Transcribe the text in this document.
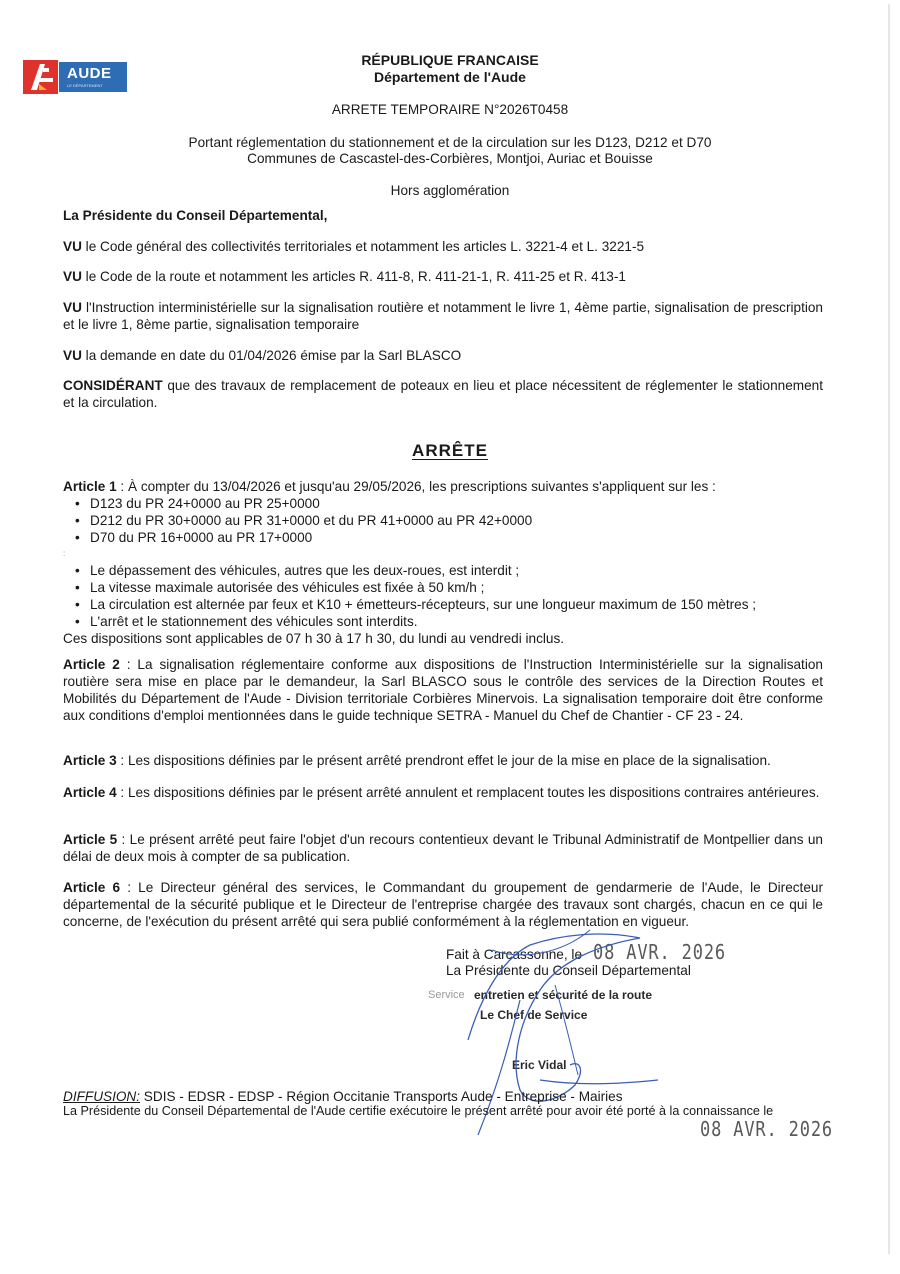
AUDE
LE DÉPARTEMENT
RÉPUBLIQUE FRANCAISE
Département de l'Aude
ARRETE TEMPORAIRE N°2026T0458
Portant réglementation du stationnement et de la circulation sur les D123, D212 et D70
Communes de Cascastel-des-Corbières, Montjoi, Auriac et Bouisse
Hors agglomération
La Présidente du Conseil Départemental,
VU le Code général des collectivités territoriales et notamment les articles L. 3221-4 et L. 3221-5
VU le Code de la route et notamment les articles R. 411-8, R. 411-21-1, R. 411-25 et R. 413-1
VU l'Instruction interministérielle sur la signalisation routière et notamment le livre 1, 4ème partie, signalisation de prescription et le livre 1, 8ème partie, signalisation temporaire
VU la demande en date du 01/04/2026 émise par la Sarl BLASCO
CONSIDÉRANT que des travaux de remplacement de poteaux en lieu et place nécessitent de réglementer le stationnement et la circulation.
ARRÊTE
Article 1 : À compter du 13/04/2026 et jusqu'au 29/05/2026, les prescriptions suivantes s'appliquent sur les :
• D123 du PR 24+0000 au PR 25+0000
• D212 du PR 30+0000 au PR 31+0000 et du PR 41+0000 au PR 42+0000
• D70 du PR 16+0000 au PR 17+0000
:
• Le dépassement des véhicules, autres que les deux-roues, est interdit ;
• La vitesse maximale autorisée des véhicules est fixée à 50 km/h ;
• La circulation est alternée par feux et K10 + émetteurs-récepteurs, sur une longueur maximum de 150 mètres ;
• L'arrêt et le stationnement des véhicules sont interdits.
Ces dispositions sont applicables de 07 h 30 à 17 h 30, du lundi au vendredi inclus.
Article 2 : La signalisation réglementaire conforme aux dispositions de l'Instruction Interministérielle sur la signalisation routière sera mise en place par le demandeur, la Sarl BLASCO sous le contrôle des services de la Direction Routes et Mobilités du Département de l'Aude - Division territoriale Corbières Minervois. La signalisation temporaire doit être conforme aux conditions d'emploi mentionnées dans le guide technique SETRA - Manuel du Chef de Chantier - CF 23 - 24.
Article 3 : Les dispositions définies par le présent arrêté prendront effet le jour de la mise en place de la signalisation.
Article 4 : Les dispositions définies par le présent arrêté annulent et remplacent toutes les dispositions contraires antérieures.
Article 5 : Le présent arrêté peut faire l'objet d'un recours contentieux devant le Tribunal Administratif de Montpellier dans un délai de deux mois à compter de sa publication.
Article 6 : Le Directeur général des services, le Commandant du groupement de gendarmerie de l'Aude, le Directeur départemental de la sécurité publique et le Directeur de l'entreprise chargée des travaux sont chargés, chacun en ce qui le concerne, de l'exécution du présent arrêté qui sera publié conformément à la réglementation en vigueur.
Fait à Carcassonne, le 08 AVR. 2026
La Présidente du Conseil Départemental
Service entretien et sécurité de la route
Le Chef de Service
Eric Vidal
DIFFUSION: SDIS - EDSR - EDSP - Région Occitanie Transports Aude - Entreprise - Mairies
La Présidente du Conseil Départemental de l'Aude certifie exécutoire le présent arrêté pour avoir été porté à la connaissance le
08 AVR. 2026
